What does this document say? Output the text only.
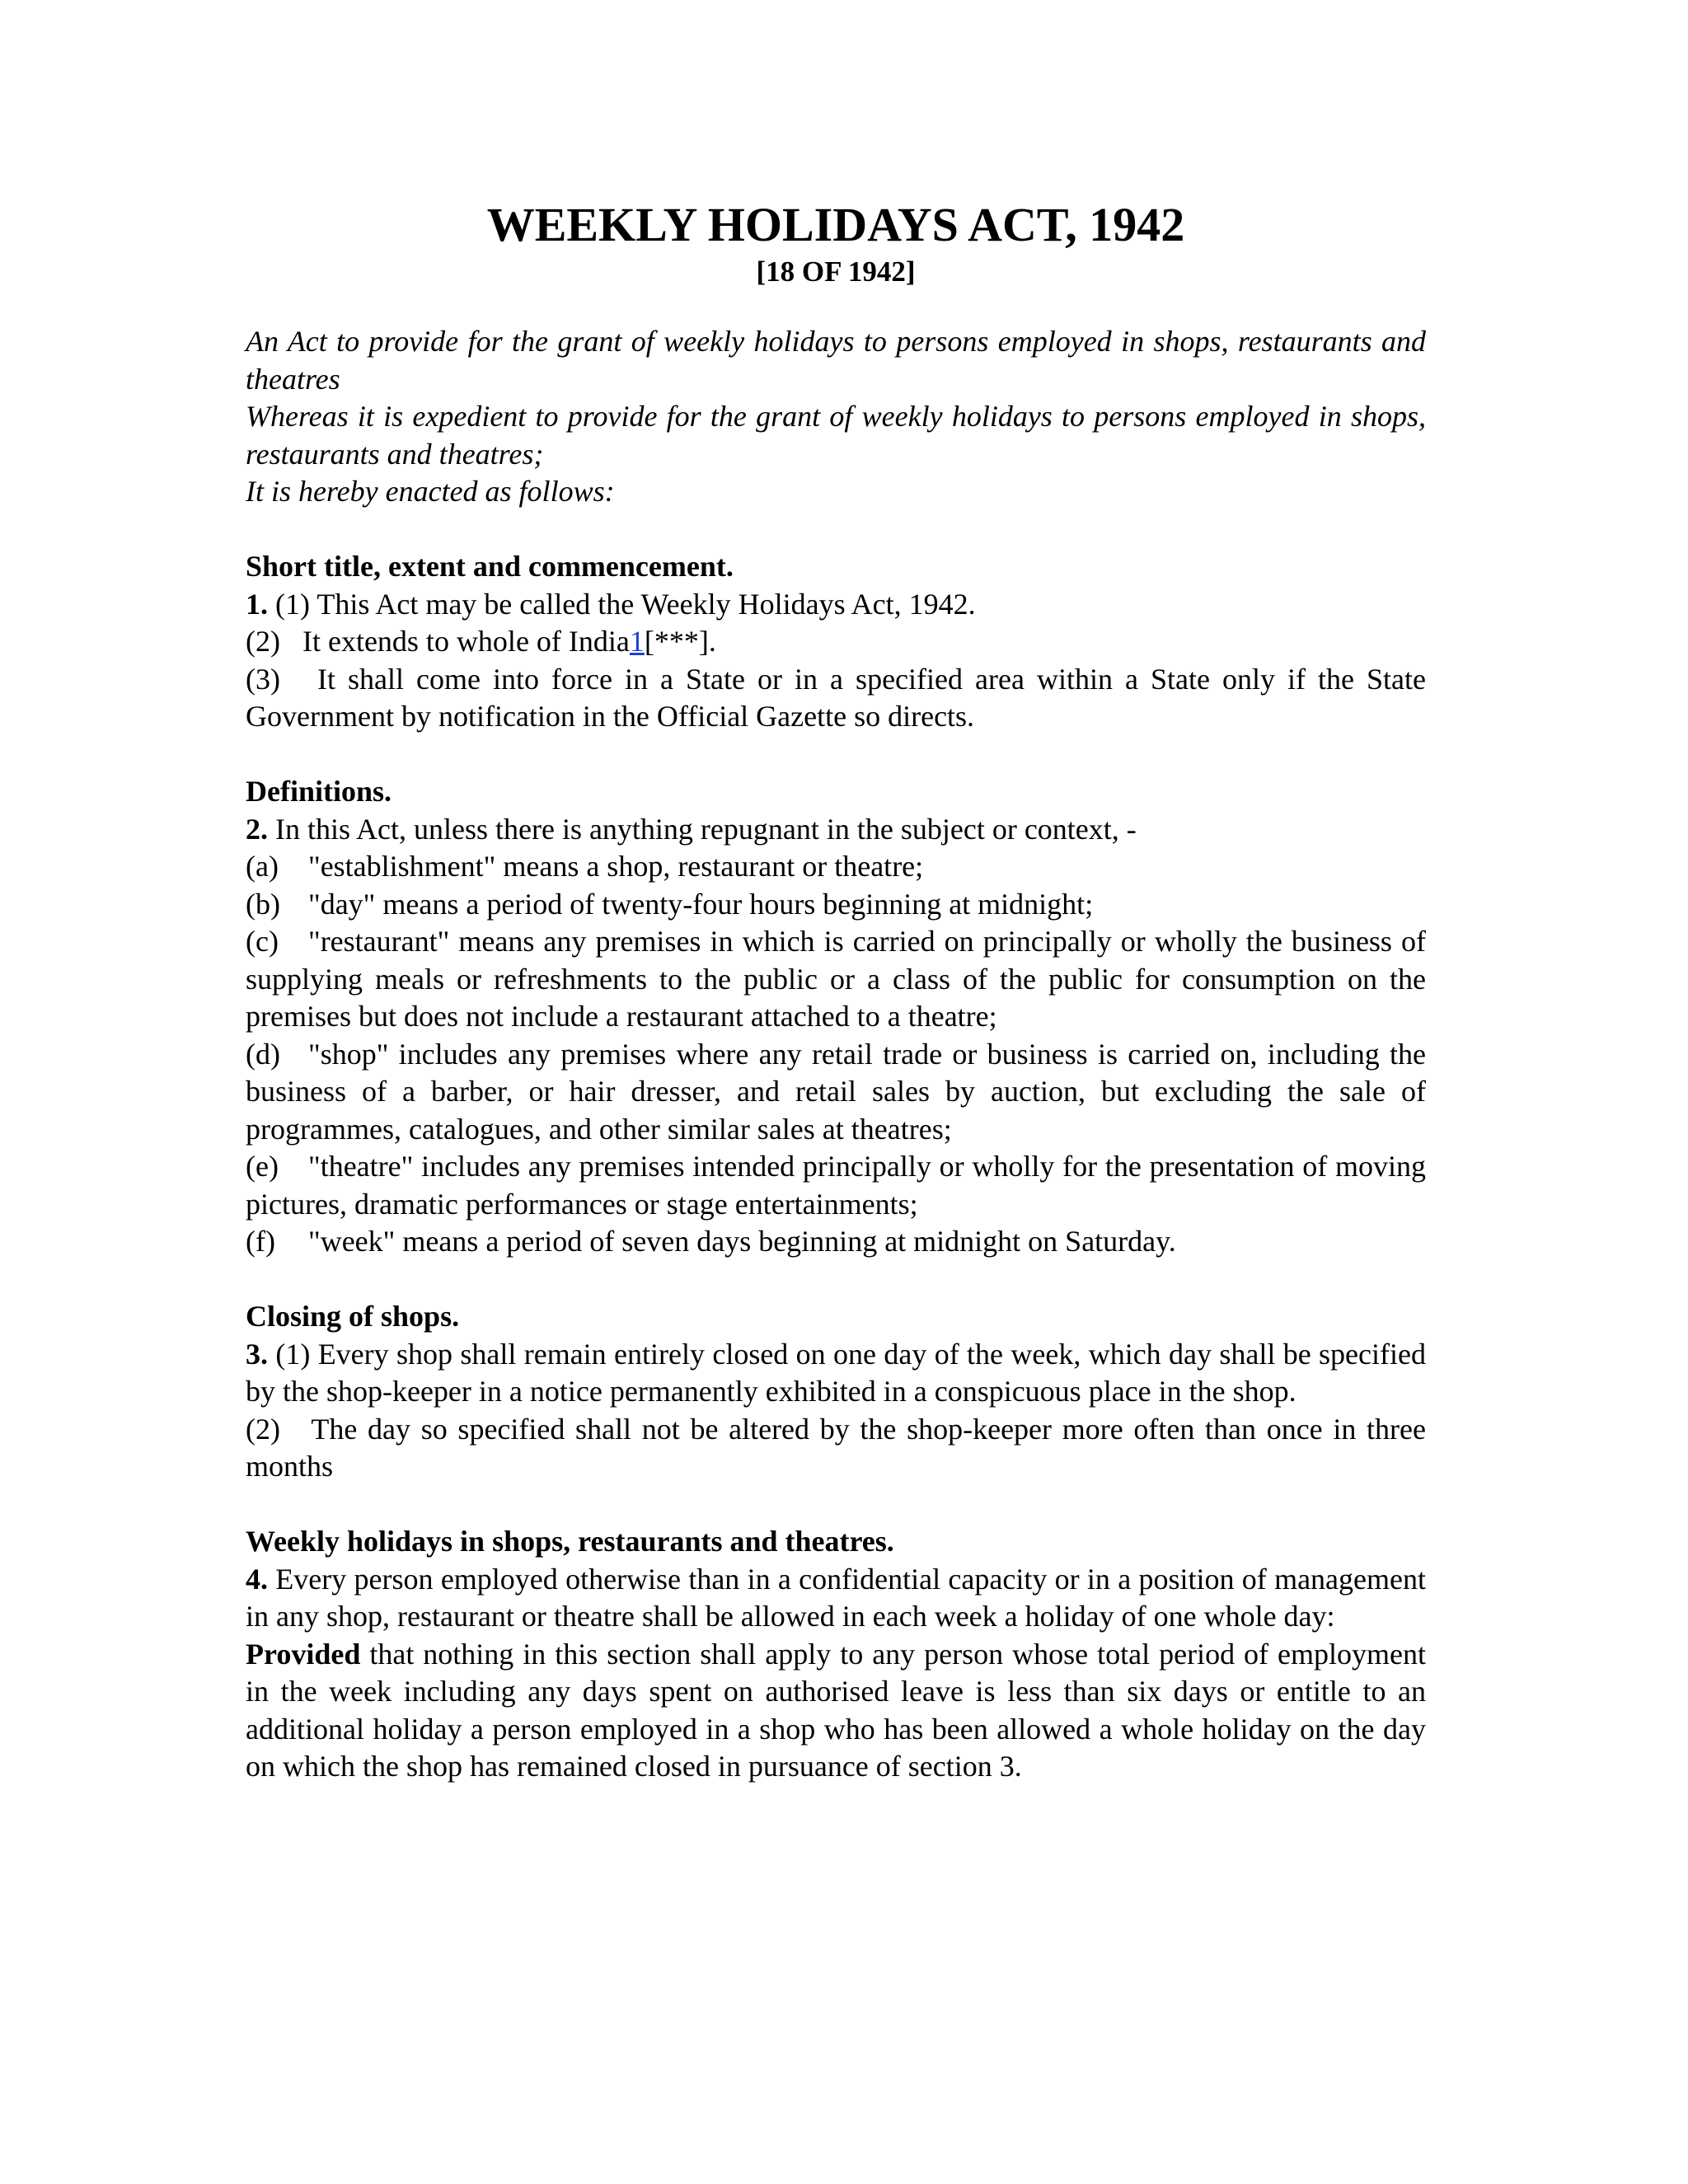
WEEKLY HOLIDAYS ACT, 1942
[18 OF 1942]

An Act to provide for the grant of weekly holidays to persons employed in shops, restaurants and theatres

Whereas it is expedient to provide for the grant of weekly holidays to persons employed in shops, restaurants and theatres;

It is hereby enacted as follows:

Short title, extent and commencement.

1. (1) This Act may be called the Weekly Holidays Act, 1942.

(2)   It extends to whole of India1[***].

(3)   It shall come into force in a State or in a specified area within a State only if the State Government by notification in the Official Gazette so directs.

Definitions.

2. In this Act, unless there is anything repugnant in the subject or context, -

(a) "establishment" means a shop, restaurant or theatre;

(b) "day" means a period of twenty-four hours beginning at midnight;

(c) "restaurant" means any premises in which is carried on principally or wholly the business of supplying meals or refreshments to the public or a class of the public for consumption on the premises but does not include a restaurant attached to a theatre;

(d) "shop" includes any premises where any retail trade or business is carried on, including the business of a barber, or hair dresser, and retail sales by auction, but excluding the sale of programmes, catalogues, and other similar sales at theatres;

(e) "theatre" includes any premises intended principally or wholly for the presentation of moving pictures, dramatic performances or stage entertainments;

(f) "week" means a period of seven days beginning at midnight on Saturday.

Closing of shops.

3. (1) Every shop shall remain entirely closed on one day of the week, which day shall be specified by the shop-keeper in a notice permanently exhibited in a conspicuous place in the shop.

(2)   The day so specified shall not be altered by the shop-keeper more often than once in three months

Weekly holidays in shops, restaurants and theatres.

4. Every person employed otherwise than in a confidential capacity or in a position of management in any shop, restaurant or theatre shall be allowed in each week a holiday of one whole day:

Provided that nothing in this section shall apply to any person whose total period of employment in the week including any days spent on authorised leave is less than six days or entitle to an additional holiday a person employed in a shop who has been allowed a whole holiday on the day on which the shop has remained closed in pursuance of section 3.
